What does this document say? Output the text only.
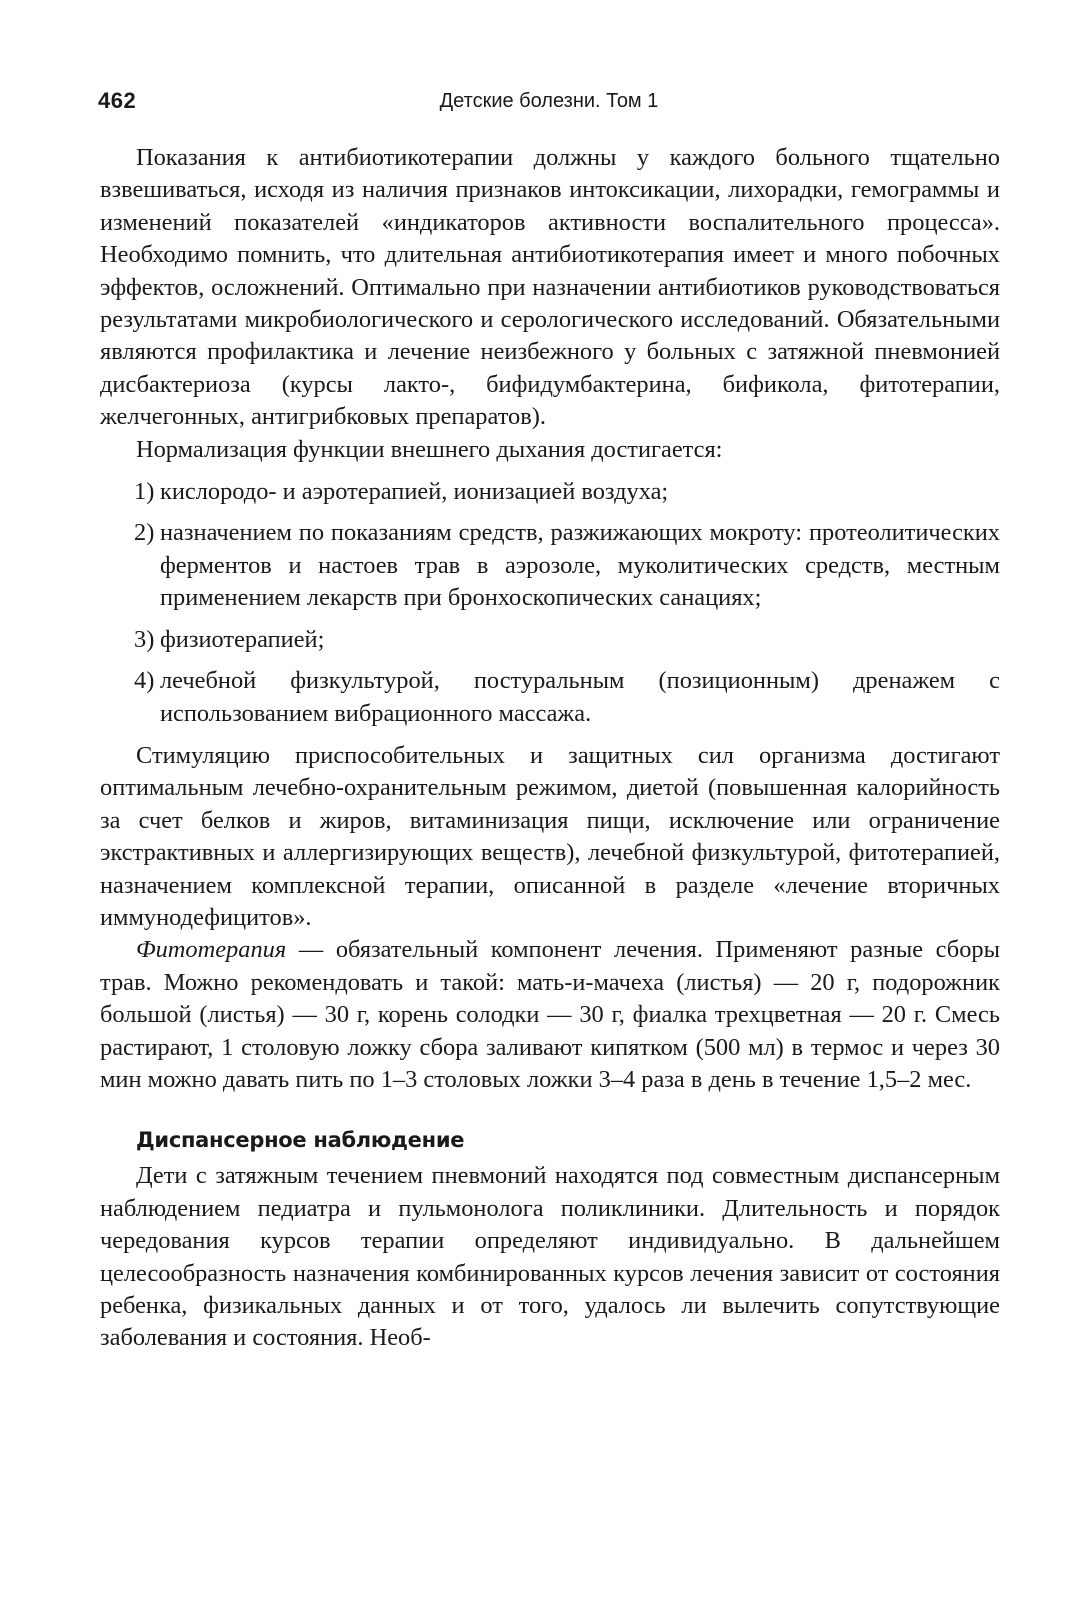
462	Детские болезни. Том 1

Показания к антибиотикотерапии должны у каждого больного тщательно взвешиваться, исходя из наличия признаков интоксикации, лихорадки, гемограммы и изменений показателей «индикаторов активности воспалительного процесса». Необходимо помнить, что длительная антибиотикотерапия имеет и много побочных эффектов, осложнений. Оптимально при назначении антибиотиков руководствоваться результатами микробиологического и серологического исследований. Обязательными являются профилактика и лечение неизбежного у больных с затяжной пневмонией дисбактериоза (курсы лакто-, бифидумбактерина, бификола, фитотерапии, желчегонных, антигрибковых препаратов).

Нормализация функции внешнего дыхания достигается:

1) кислородо- и аэротерапией, ионизацией воздуха;
2) назначением по показаниям средств, разжижающих мокроту: протеолитических ферментов и настоев трав в аэрозоле, муколитических средств, местным применением лекарств при бронхоскопических санациях;
3) физиотерапией;
4) лечебной физкультурой, постуральным (позиционным) дренажем с использованием вибрационного массажа.

Стимуляцию приспособительных и защитных сил организма достигают оптимальным лечебно-охранительным режимом, диетой (повышенная калорийность за счет белков и жиров, витаминизация пищи, исключение или ограничение экстрактивных и аллергизирующих веществ), лечебной физкультурой, фитотерапией, назначением комплексной терапии, описанной в разделе «лечение вторичных иммунодефицитов».

Фитотерапия — обязательный компонент лечения. Применяют разные сборы трав. Можно рекомендовать и такой: мать-и-мачеха (листья) — 20 г, подорожник большой (листья) — 30 г, корень солодки — 30 г, фиалка трехцветная — 20 г. Смесь растирают, 1 столовую ложку сбора заливают кипятком (500 мл) в термос и через 30 мин можно давать пить по 1–3 столовых ложки 3–4 раза в день в течение 1,5–2 мес.

Диспансерное наблюдение

Дети с затяжным течением пневмоний находятся под совместным диспансерным наблюдением педиатра и пульмонолога поликлиники. Длительность и порядок чередования курсов терапии определяют индивидуально. В дальнейшем целесообразность назначения комбинированных курсов лечения зависит от состояния ребенка, физикальных данных и от того, удалось ли вылечить сопутствующие заболевания и состояния. Необ-
